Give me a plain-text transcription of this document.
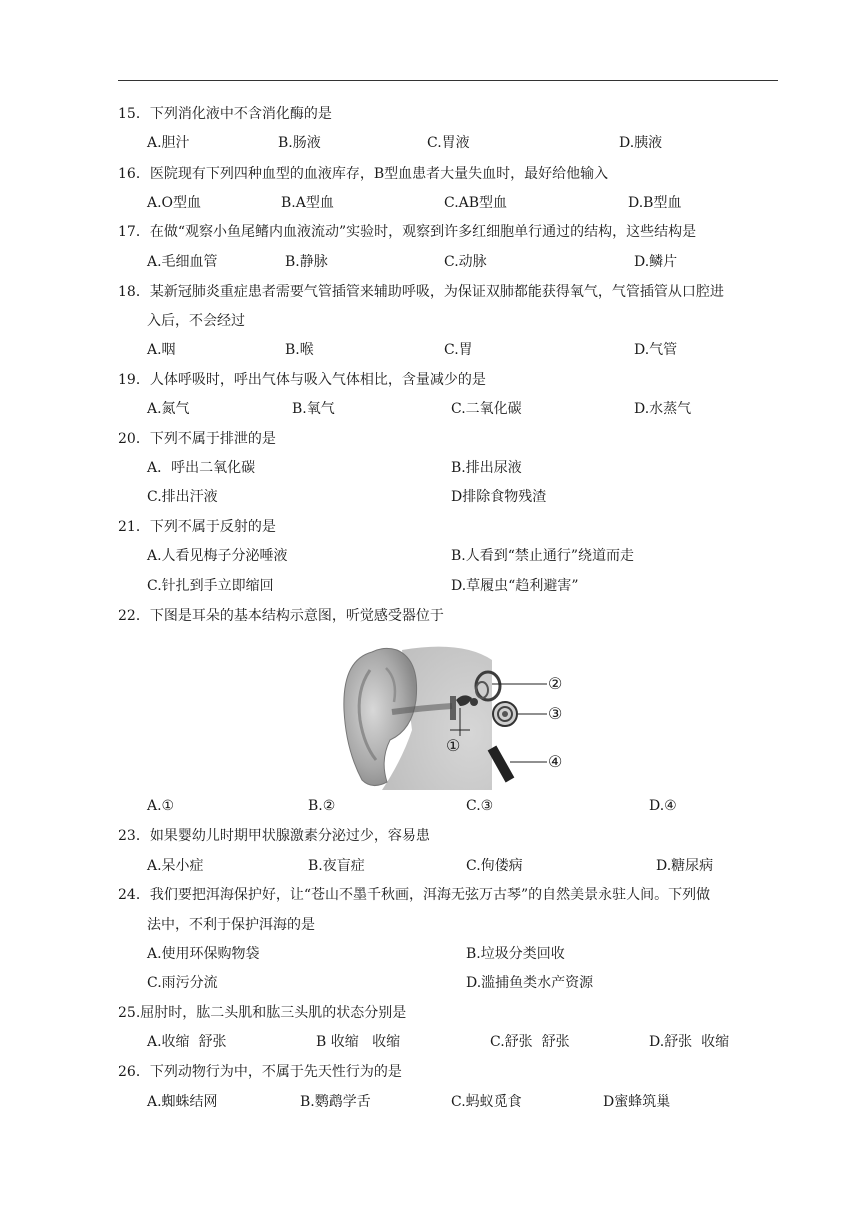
15．下列消化液中不含消化酶的是
A.胆汁	B.肠液	C.胃液	D.胰液
16．医院现有下列四种血型的血液库存，B型血患者大量失血时，最好给他输入
A.O型血	B.A型血	C.AB型血	D.B型血
17．在做“观察小鱼尾鳍内血液流动”实验时，观察到许多红细胞单行通过的结构，这些结构是
A.毛细血管	B.静脉	C.动脉	D.鳞片
18．某新冠肺炎重症患者需要气管插管来辅助呼吸，为保证双肺都能获得氧气，气管插管从口腔进
入后，不会经过
A.咽	B.喉	C.胃	D.气管
19．人体呼吸时，呼出气体与吸入气体相比，含量减少的是
A.氮气	B.氧气	C.二氧化碳	D.水蒸气
20．下列不属于排泄的是
A．呼出二氧化碳	B.排出尿液
C.排出汗液	D排除食物残渣
21．下列不属于反射的是
A.人看见梅子分泌唾液	B.人看到“禁止通行”绕道而走
C.针扎到手立即缩回	D.草履虫“趋利避害”
22．下图是耳朵的基本结构示意图，听觉感受器位于
①
②
③
④
A.①	B.②	C.③	D.④
23．如果婴幼儿时期甲状腺激素分泌过少，容易患
A.呆小症	B.夜盲症	C.佝偻病	D.糖尿病
24．我们要把洱海保护好，让“苍山不墨千秋画，洱海无弦万古琴”的自然美景永驻人间。下列做
法中，不利于保护洱海的是
A.使用环保购物袋	B.垃圾分类回收
C.雨污分流	D.滥捕鱼类水产资源
25.屈肘时，肱二头肌和肱三头肌的状态分别是
A.收缩  舒张	B 收缩   收缩	C.舒张  舒张	D.舒张  收缩
26．下列动物行为中，不属于先天性行为的是
A.蜘蛛结网	B.鹦鹉学舌	C.蚂蚁觅食	D蜜蜂筑巢
